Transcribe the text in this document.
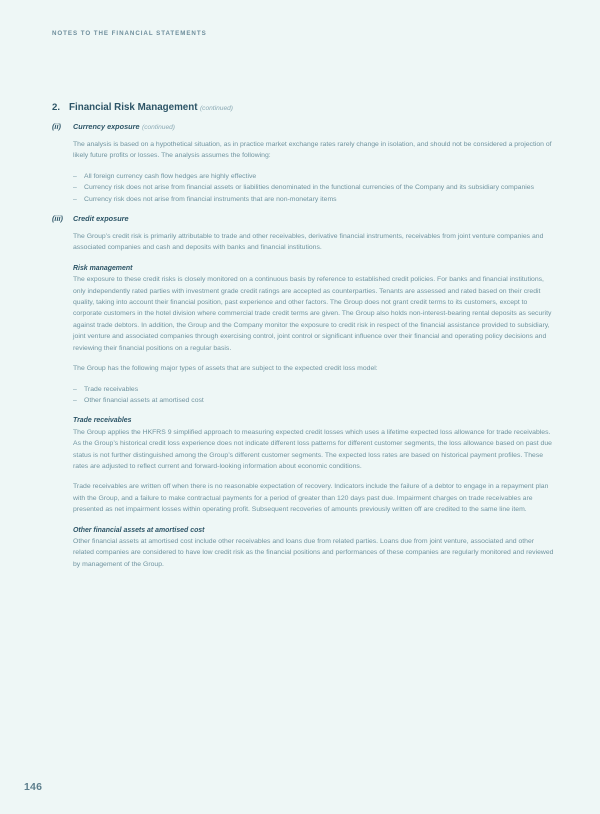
NOTES TO THE FINANCIAL STATEMENTS
2. Financial Risk Management (continued)
(ii)	Currency exposure (continued)

The analysis is based on a hypothetical situation, as in practice market exchange rates rarely change in isolation, and should not be considered a projection of likely future profits or losses. The analysis assumes the following:

– All foreign currency cash flow hedges are highly effective
– Currency risk does not arise from financial assets or liabilities denominated in the functional currencies of the Company and its subsidiary companies
– Currency risk does not arise from financial instruments that are non-monetary items
(iii)	Credit exposure

The Group’s credit risk is primarily attributable to trade and other receivables, derivative financial instruments, receivables from joint venture companies and associated companies and cash and deposits with banks and financial institutions.

Risk management

The exposure to these credit risks is closely monitored on a continuous basis by reference to established credit policies. For banks and financial institutions, only independently rated parties with investment grade credit ratings are accepted as counterparties. Tenants are assessed and rated based on their credit quality, taking into account their financial position, past experience and other factors. The Group does not grant credit terms to its customers, except to corporate customers in the hotel division where commercial trade credit terms are given. The Group also holds non-interest-bearing rental deposits as security against trade debtors. In addition, the Group and the Company monitor the exposure to credit risk in respect of the financial assistance provided to subsidiary, joint venture and associated companies through exercising control, joint control or significant influence over their financial and operating policy decisions and reviewing their financial positions on a regular basis.

The Group has the following major types of assets that are subject to the expected credit loss model:

– Trade receivables
– Other financial assets at amortised cost
Trade receivables

The Group applies the HKFRS 9 simplified approach to measuring expected credit losses which uses a lifetime expected loss allowance for trade receivables. As the Group’s historical credit loss experience does not indicate different loss patterns for different customer segments, the loss allowance based on past due status is not further distinguished among the Group’s different customer segments. The expected loss rates are based on historical payment profiles. These rates are adjusted to reflect current and forward-looking information about economic conditions.

Trade receivables are written off when there is no reasonable expectation of recovery. Indicators include the failure of a debtor to engage in a repayment plan with the Group, and a failure to make contractual payments for a period of greater than 120 days past due. Impairment charges on trade receivables are presented as net impairment losses within operating profit. Subsequent recoveries of amounts previously written off are credited to the same line item.

Other financial assets at amortised cost

Other financial assets at amortised cost include other receivables and loans due from related parties. Loans due from joint venture, associated and other related companies are considered to have low credit risk as the financial positions and performances of these companies are regularly monitored and reviewed by management of the Group.

146
